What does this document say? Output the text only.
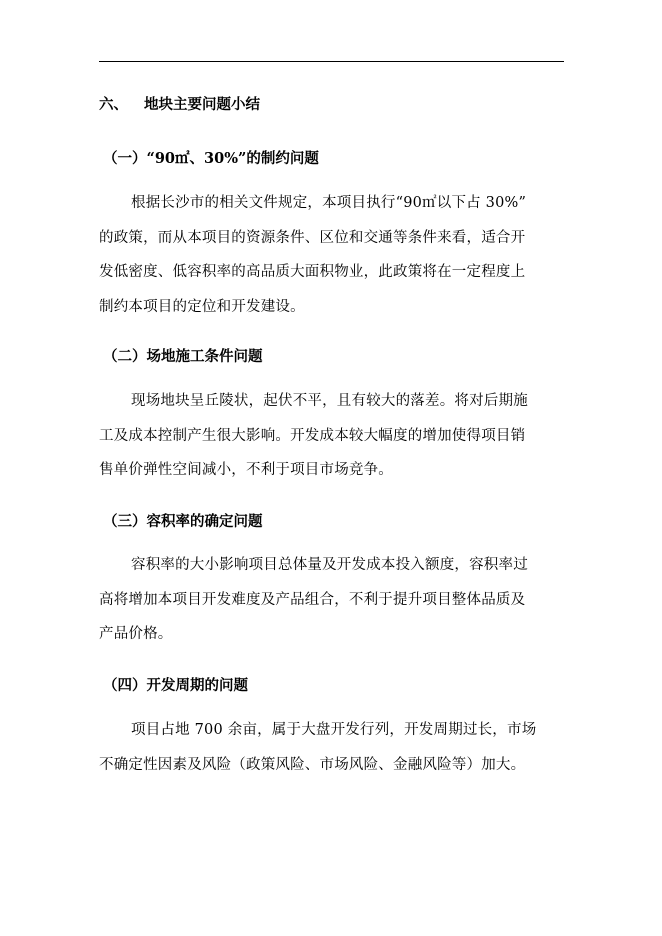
六、 地块主要问题小结
（一）“90㎡、30%”的制约问题
根据长沙市的相关文件规定，本项目执行“90㎡以下占 30%”
的政策，而从本项目的资源条件、区位和交通等条件来看，适合开
发低密度、低容积率的高品质大面积物业，此政策将在一定程度上
制约本项目的定位和开发建设。
（二）场地施工条件问题
现场地块呈丘陵状，起伏不平，且有较大的落差。将对后期施
工及成本控制产生很大影响。开发成本较大幅度的增加使得项目销
售单价弹性空间减小，不利于项目市场竞争。
（三）容积率的确定问题
容积率的大小影响项目总体量及开发成本投入额度，容积率过
高将增加本项目开发难度及产品组合，不利于提升项目整体品质及
产品价格。
（四）开发周期的问题
项目占地 700 余亩，属于大盘开发行列，开发周期过长，市场
不确定性因素及风险（政策风险、市场风险、金融风险等）加大。
